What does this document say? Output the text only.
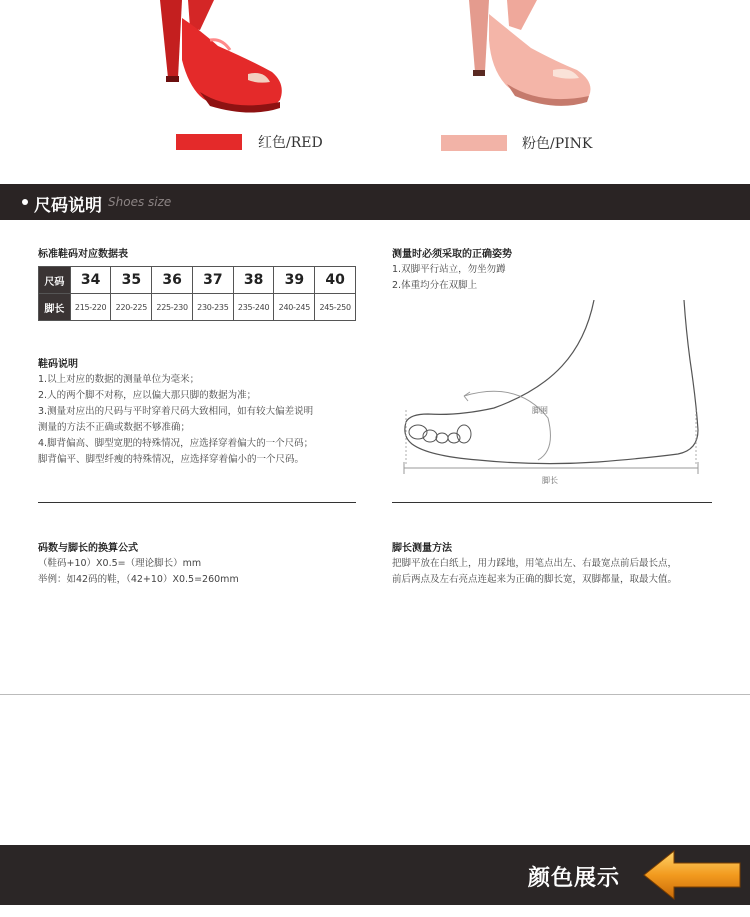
红色/RED	粉色/PINK
尺码说明 Shoes size
标准鞋码对应数据表
尺码	34	35	36	37	38	39	40
脚长	215-220	220-225	225-230	230-235	235-240	240-245	245-250
鞋码说明
1.以上对应的数据的测量单位为毫米；
2.人的两个脚不对称，应以偏大那只脚的数据为准；
3.测量对应出的尺码与平时穿着尺码大致相同，如有较大偏差说明
测量的方法不正确或数据不够准确；
4.脚背偏高、脚型宽肥的特殊情况，应选择穿着偏大的一个尺码；
脚背偏平、脚型纤瘦的特殊情况，应选择穿着偏小的一个尺码。
测量时必须采取的正确姿势
1.双脚平行站立，勿坐勿蹲
2.体重均分在双脚上
脚围
脚长
码数与脚长的换算公式
（鞋码+10）X0.5=（理论脚长）mm
举例：如42码的鞋，（42+10）X0.5=260mm
脚长测量方法
把脚平放在白纸上，用力踩地，用笔点出左、右最宽点前后最长点，
前后两点及左右亮点连起来为正确的脚长宽，双脚都量，取最大值。
颜色展示
